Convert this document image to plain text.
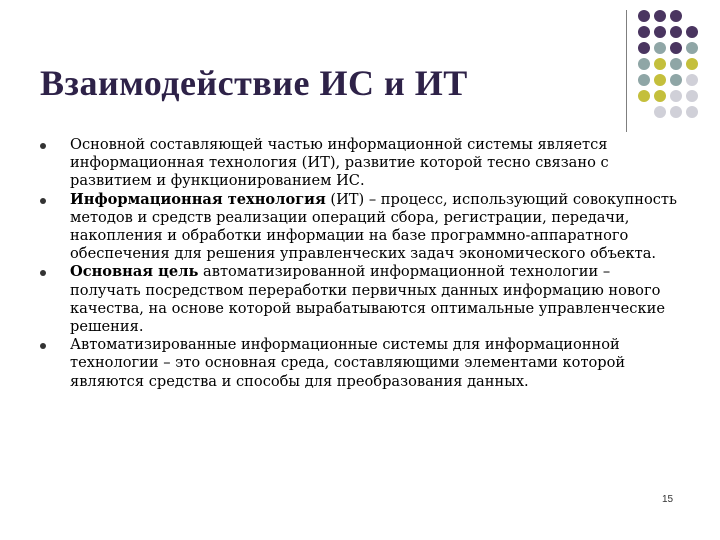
Взаимодействие ИС и ИТ
Основной составляющей частью информационной системы является информационная технология (ИТ), развитие которой тесно связано с развитием и функционированием ИС.
Информационная технология (ИТ) – процесс, использующий совокупность методов и средств реализации операций сбора, регистрации, передачи, накопления и обработки информации на базе программно-аппаратного обеспечения для решения управленческих задач экономического объекта.
Основная цель автоматизированной информационной технологии – получать посредством переработки первичных данных информацию нового качества, на основе которой вырабатываются оптимальные управленческие решения.
Автоматизированные информационные системы для информационной технологии – это основная среда, составляющими элементами которой являются средства и способы для преобразования данных.
15
